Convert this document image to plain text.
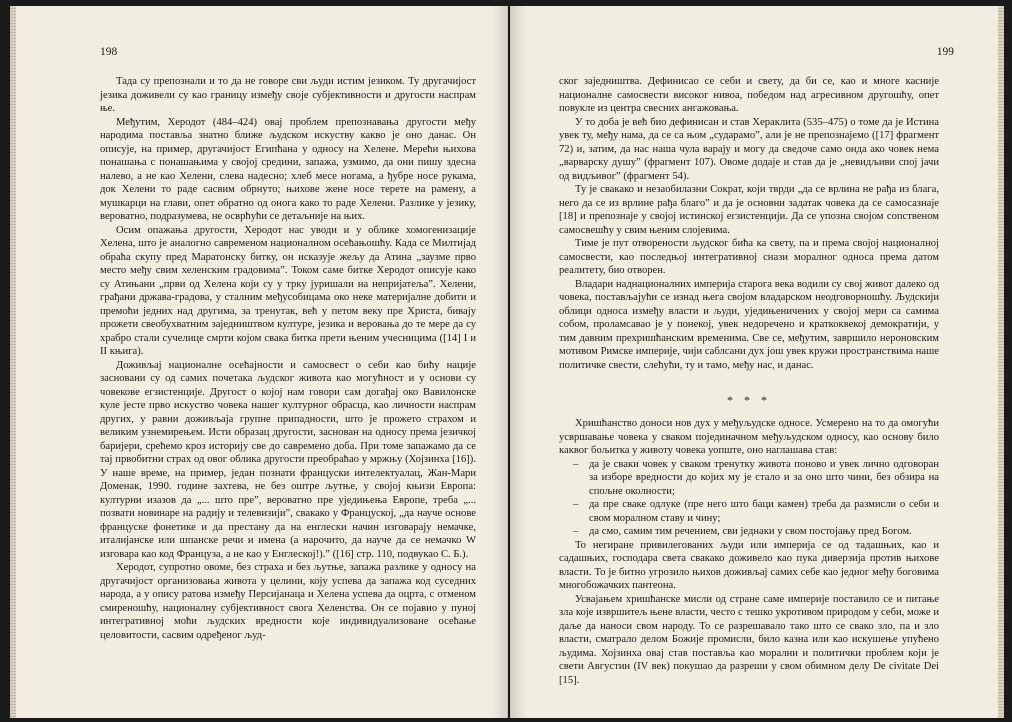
198

Тада су препознали и то да не говоре сви људи истим језиком. Ту другачијост језика доживели су као границу између своје субјективности и другости наспрам ње.

Међутим, Херодот (484–424) овај проблем препознавања другости међу народима поставља знатно ближе људском искуству какво је оно данас. Он описује, на пример, другачијост Египћана у односу на Хелене. Мерећи њихова понашања с понашањима у својој средини, запажа, узмимо, да они пишу здесна налево, а не као Хелени, слева надесно; хлеб месе ногама, а ђубре носе рукама, док Хелени то раде сасвим обрнуто; њихове жене носе терете на рамену, а мушкарци на глави, опет обратно од онога како то раде Хелени. Разлике у језику, вероватно, подразумева, не осврћући се детаљније на њих.

Осим опажања другости, Херодот нас уводи и у облике хомогенизације Хелена, што је аналогно савременом националном осећањошћу. Када се Милтијад обраћа скупу пред Маратонску битку, он исказује жељу да Атина „заузме прво место међу свим хеленским градовима”. Током саме битке Херодот описује како су Атињани „први од Хелена који су у трку јуришали на непријатеља”. Хелени, грађани држава-градова, у сталним међусобицама око неке материјалне добити и премоћи једних над другима, за тренутак, већ у петом веку пре Христа, бивају прожети свеобухватним заједништвом културе, језика и веровања до те мере да су храбро стали сучелице смрти којом свака битка прети њеним учесницима ([14] I и II књига).

Доживљај националне осећајности и самосвест о себи као бићу нације засновани су од самих почетака људског живота као могућност и у основи су човекове егзистенције. Другост о којој нам говори сам догађај око Вавилонске куле јесте прво искуство човека нашег културног обрасца, као личности наспрам других, у равни доживљаја групне припадности, што је прожето страхом и великим узнемирењем. Исти образац другости, заснован на односу према језичкој баријери, срећемо кроз историју све до савремено доба. При томе запажамо да се тај првобитни страх од овог облика другости преобраћао у мржњу (Хојзинха [16]). У наше време, на пример, један познати француски интелектуалац, Жан-Мари Доменак, 1990. године захтева, не без оштре љутње, у својој књизи Европа: културни изазов да „... што пре”, вероватно пре уједињења Европе, треба „... позвати новинаре на радију и телевизији”, свакако у Француској, „да науче основе француске фонетике и да престану да на енглески начин изговарају немачке, италијанске или шпанске речи и имена (а нарочито, да науче да се немачко W изговара као код Француза, а не као у Енглеској!).” ([16] стр. 110, подвукао С. Б.).

Херодот, супротно овоме, без страха и без љутње, запажа разлике у односу на другачијост организовања живота у целини, коју успева да запажа код суседних народа, а у опису ратова између Персијанаца и Хелена успева да оцрта, с отменом смиреношћу, националну субјективност свога Хеленства. Он се појавио у пуној интегративној моћи људских вредности које индивидуализоване осећање целовитости, сасвим одређеног људ-

199

ског заједништва. Дефинисао се себи и свету, да би се, као и многе касније националне самосвести високог нивоа, победом над агресивном другошћу, опет повукле из центра свесних ангажовања.

У то доба је већ био дефинисан и став Хераклита (535–475) о томе да је Истина увек ту, међу нама, да се са њом „сударамо”, али је не препознајемо ([17] фрагмент 72) и, затим, да нас наша чула варају и могу да сведоче само онда ако човек нема „варварску душу” (фрагмент 107). Овоме додаје и став да је „невидљиви спој јачи од видљивог” (фрагмент 54).

Ту је свакако и незаобилазни Сократ, који тврди „да се врлина не рађа из блага, него да се из врлине рађа благо” и да је основни задатак човека да се самосазнаје [18] и препознаје у својој истинској егзистенцији. Да се упозна својом сопственом самосвешћу у свим њеним слојевима.

Тиме је пут отворености људског бића ка свету, па и према својој националној самосвести, као последњој интегративној снази моралног односа према датом реалитету, био отворен.

Владари наднационалних империја старога века водили су свој живот далеко од човека, постављајући се изнад њега својом владарском неодговорношћу. Људскији облици односа између власти и људи, уједињеничених у својој мери са самима собом, проламсавао је у понекој, увек недоречено и краткоквекој демократији, у тим давним прехришћанским временима. Све се, међутим, завршило нероновским мотивом Римске империје, чији саблсани дух још увек кружи пространствима наше политичке свести, слећући, ту и тамо, међу нас, и данас.

* * *

Хришћанство доноси нов дух у међуљудске односе. Усмерено на то да омогући усвршавање човека у сваком појединачном међуљудском односу, као основу било каквог бољитка у животу човека уопште, оно наглашава став:

– да је сваки човек у сваком тренутку живота поново и увек лично одговоран за изборе вредности до којих му је стало и за оно што чини, без обзира на спољне околности;
– да пре сваке одлуке (пре него што баци камен) треба да размисли о себи и свом моралном ставу и чину;
– да смо, самим тим речением, сви једнаки у свом постојању пред Богом.

То негиране привилегованих људи или империја се од тадашњих, као и садашњих, господара света свакако доживело као пука диверзија против њихове власти. То је битно угрозило њихов доживљај самих себе као једног међу боговима многобожачких пантеона.

Усвајањем хришћанске мисли од стране саме империје поставило се и питање зла које извршитељ њене власти, често с тешко укротивом природом у себи, може и даље да наноси свом народу. То се разрешавало тако што се свако зло, па и зло власти, сматрало делом Божије промисли, било казна или као искушење упућено људима. Хојзинха овај став поставља као морални и политички проблем који је свети Августин (IV век) покушао да разреши у свом обимном делу De civitate Dei [15].
